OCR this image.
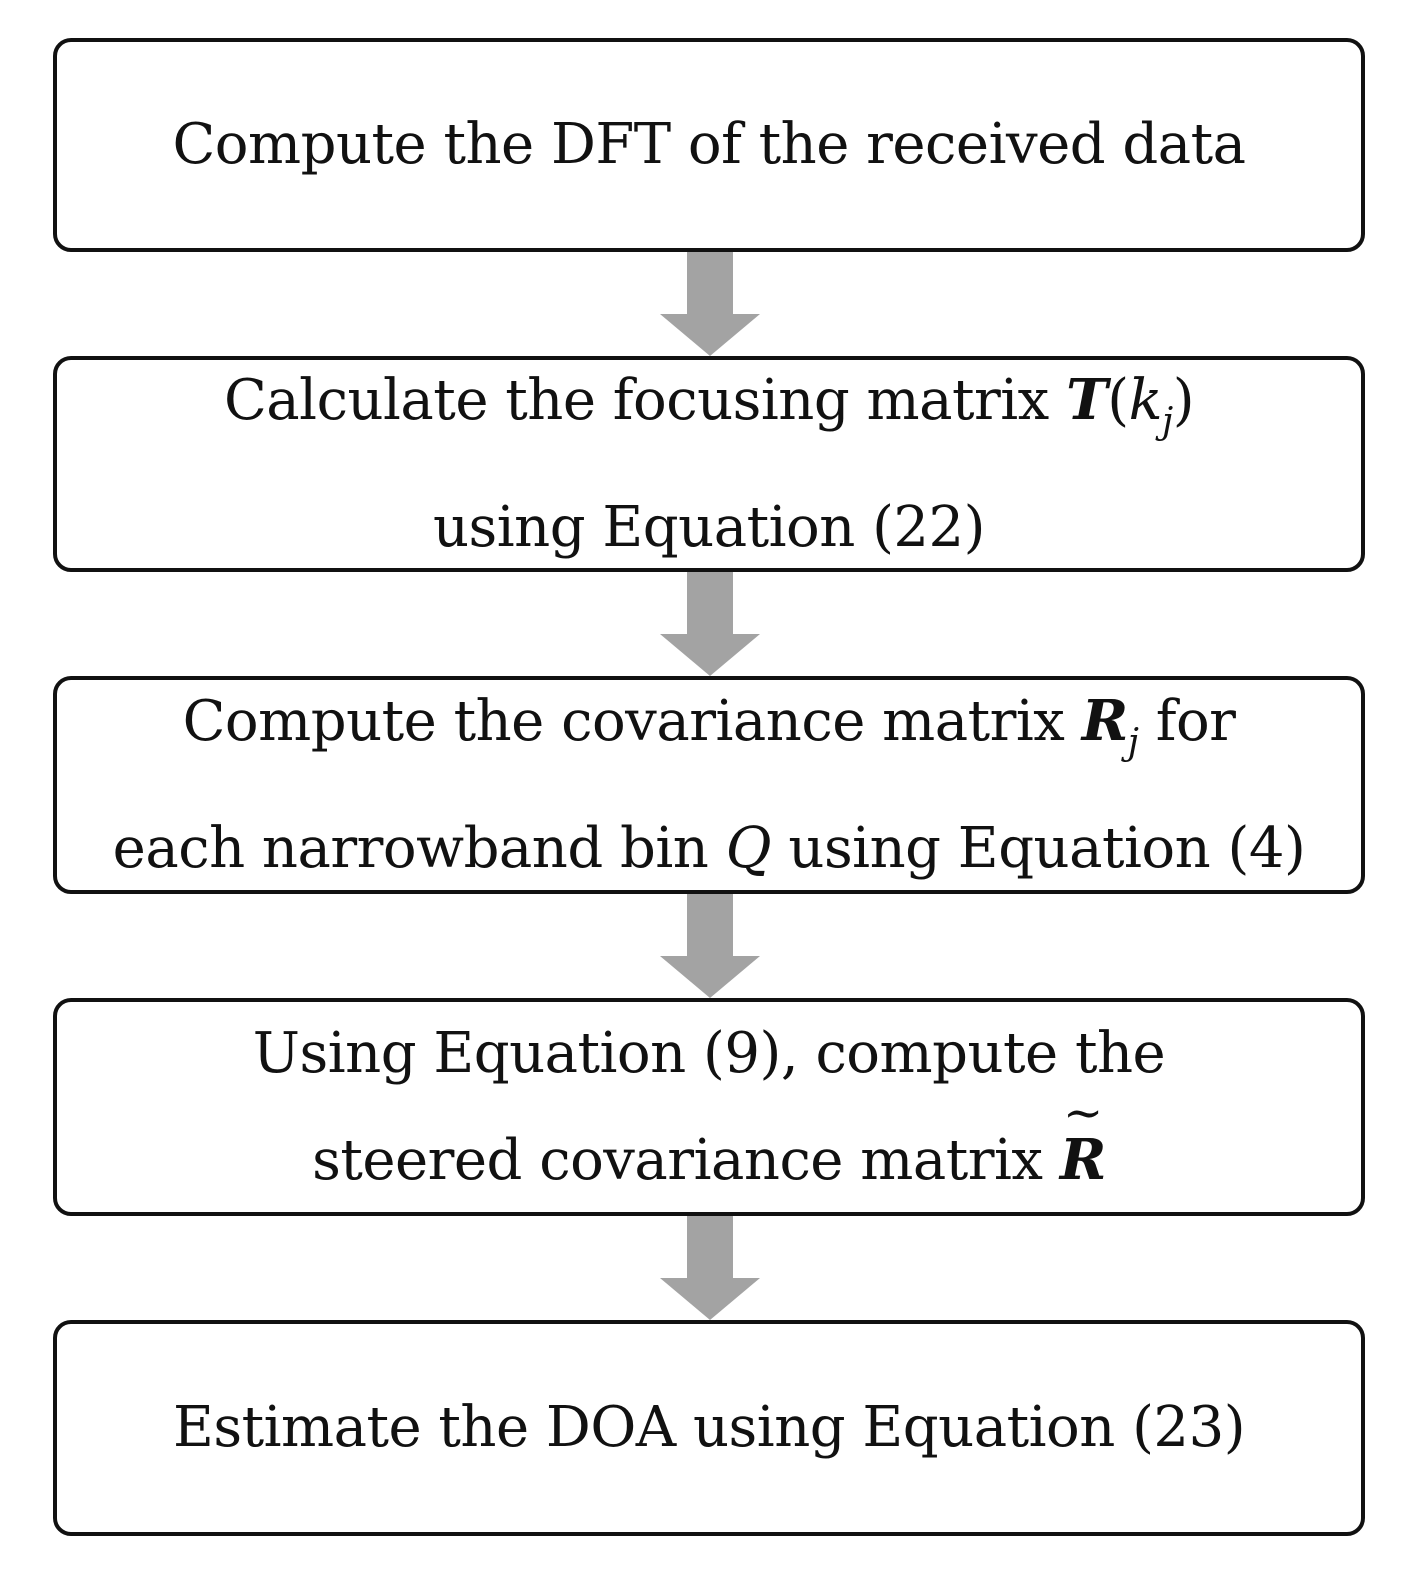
Compute the DFT of the received data
Calculate the focusing matrix $T(k_j)$
using Equation (22)
Compute the covariance matrix $R_j$ for
each narrowband bin Q using Equation (4)
Using Equation (9), compute the
steered covariance matrix
~
R
Estimate the DOA using Equation (23)
